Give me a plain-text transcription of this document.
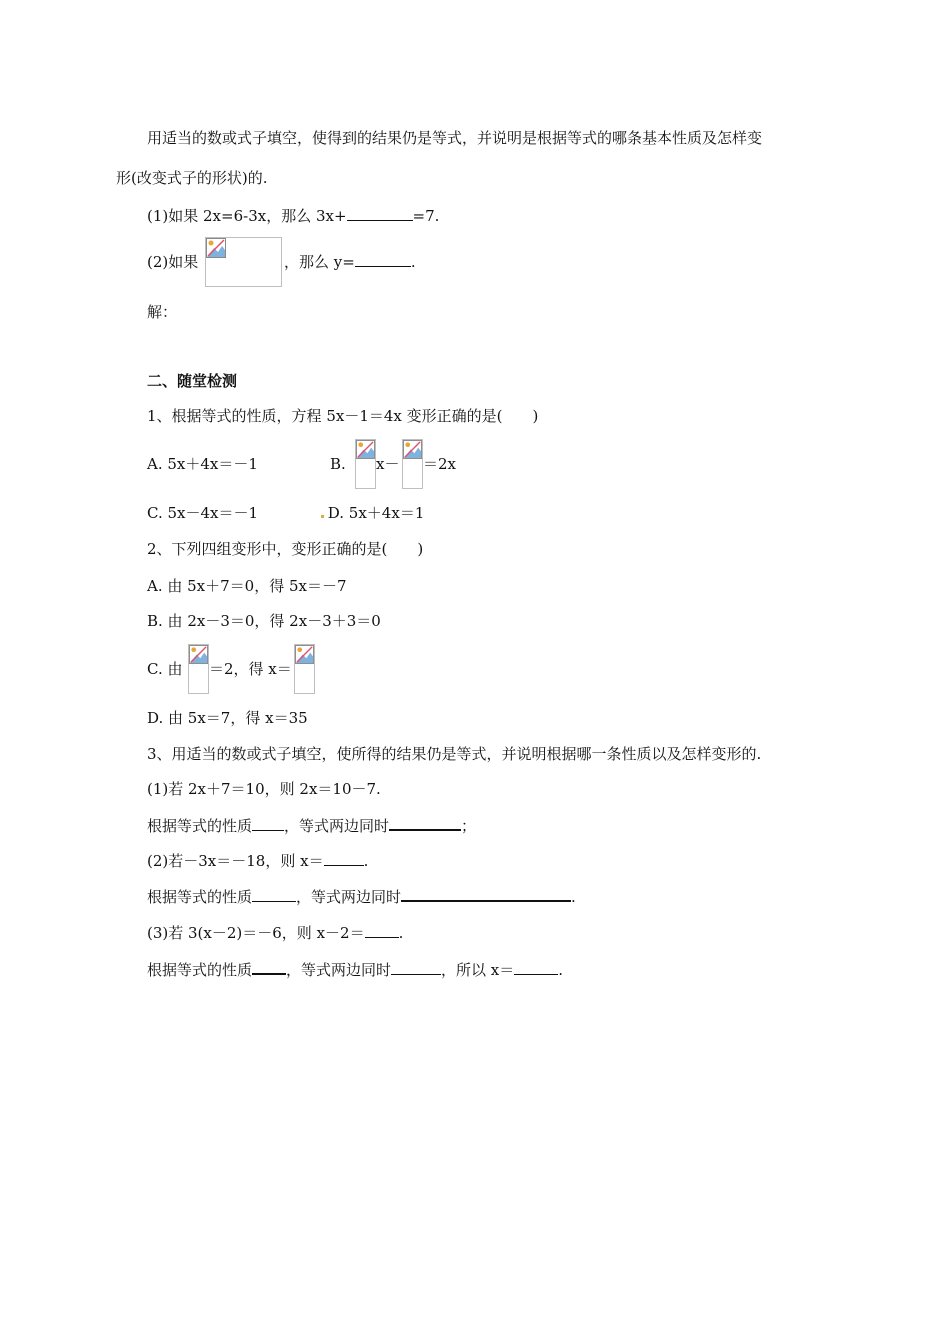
用适当的数或式子填空，使得到的结果仍是等式，并说明是根据等式的哪条基本性质及怎样变
形(改变式子的形状)的.
(1)如果 2x=6-3x，那么 3x+	=7.
(2)如果	，那么 y=	.
解：
二、随堂检测
1、根据等式的性质，方程 5x－1＝4x 变形正确的是(　　)
A. 5x＋4x＝－1	B. x－ ＝2x
C. 5x－4x＝－1	D. 5x＋4x＝1
2、下列四组变形中，变形正确的是(　　)
A. 由 5x＋7＝0，得 5x＝－7
B. 由 2x－3＝0，得 2x－3＋3＝0
C. 由 ＝2，得 x＝
D. 由 5x＝7，得 x＝35
3、用适当的数或式子填空，使所得的结果仍是等式，并说明根据哪一条性质以及怎样变形的.
(1)若 2x＋7＝10，则 2x＝10－7.
根据等式的性质 ，等式两边同时	；
(2)若－3x＝－18，则 x＝	.
根据等式的性质	，等式两边同时	.
(3)若 3(x－2)＝－6，则 x－2＝ .
根据等式的性质 ，等式两边同时	，所以 x＝	.
